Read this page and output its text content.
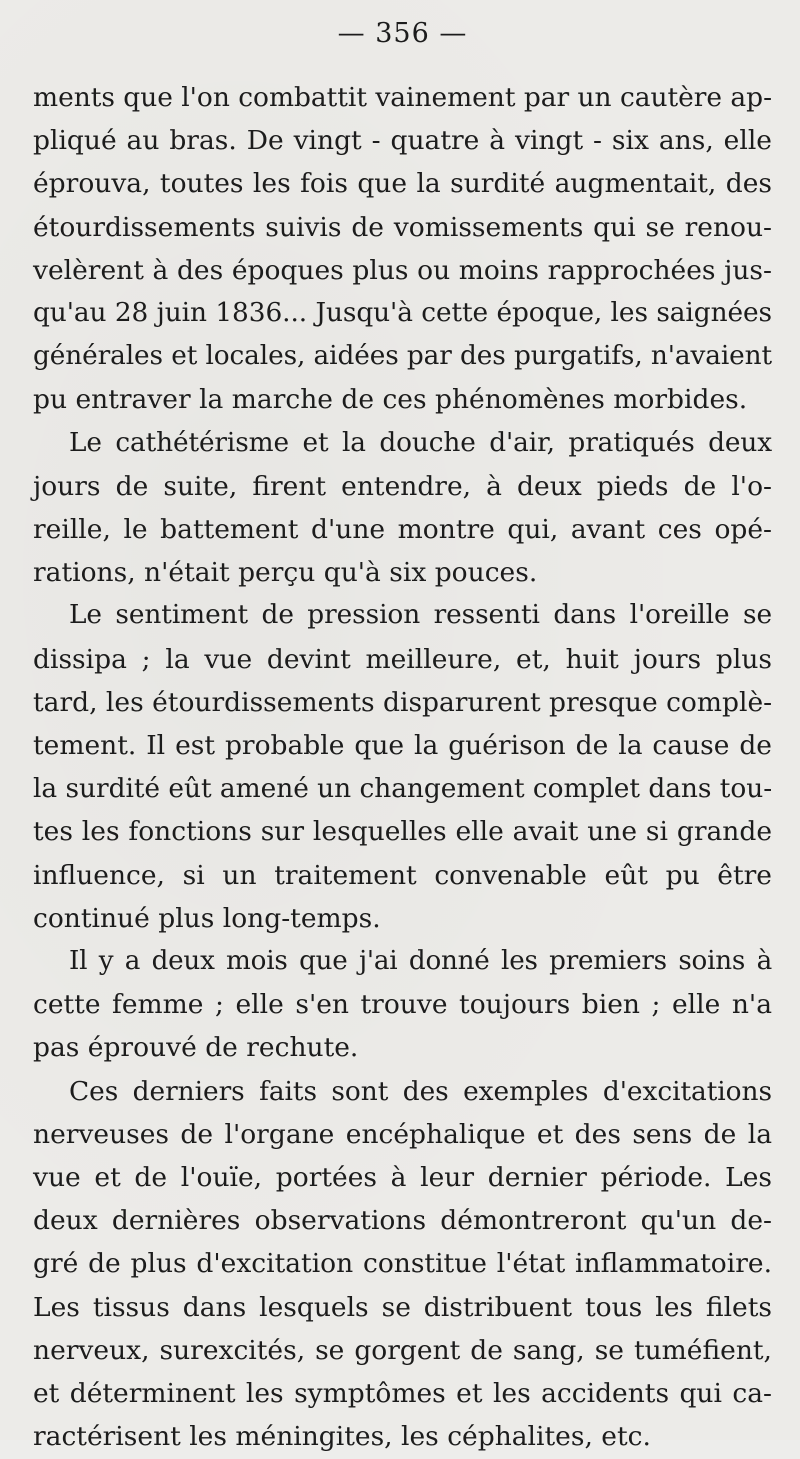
— 356 —
ments que l'on combattit vainement par un cautère ap-
pliqué au bras. De vingt - quatre à vingt - six ans, elle
éprouva, toutes les fois que la surdité augmentait, des
étourdissements suivis de vomissements qui se renou-
velèrent à des époques plus ou moins rapprochées jus-
qu'au 28 juin 1836... Jusqu'à cette époque, les saignées
générales et locales, aidées par des purgatifs, n'avaient
pu entraver la marche de ces phénomènes morbides.
Le cathétérisme et la douche d'air, pratiqués deux
jours de suite, firent entendre, à deux pieds de l'o-
reille, le battement d'une montre qui, avant ces opé-
rations, n'était perçu qu'à six pouces.
Le sentiment de pression ressenti dans l'oreille se
dissipa ; la vue devint meilleure, et, huit jours plus
tard, les étourdissements disparurent presque complè-
tement. Il est probable que la guérison de la cause de
la surdité eût amené un changement complet dans tou-
tes les fonctions sur lesquelles elle avait une si grande
influence, si un traitement convenable eût pu être
continué plus long-temps.
Il y a deux mois que j'ai donné les premiers soins à
cette femme ; elle s'en trouve toujours bien ; elle n'a
pas éprouvé de rechute.
Ces derniers faits sont des exemples d'excitations
nerveuses de l'organe encéphalique et des sens de la
vue et de l'ouïe, portées à leur dernier période. Les
deux dernières observations démontreront qu'un de-
gré de plus d'excitation constitue l'état inflammatoire.
Les tissus dans lesquels se distribuent tous les filets
nerveux, surexcités, se gorgent de sang, se tuméfient,
et déterminent les symptômes et les accidents qui ca-
ractérisent les méningites, les céphalites, etc.
